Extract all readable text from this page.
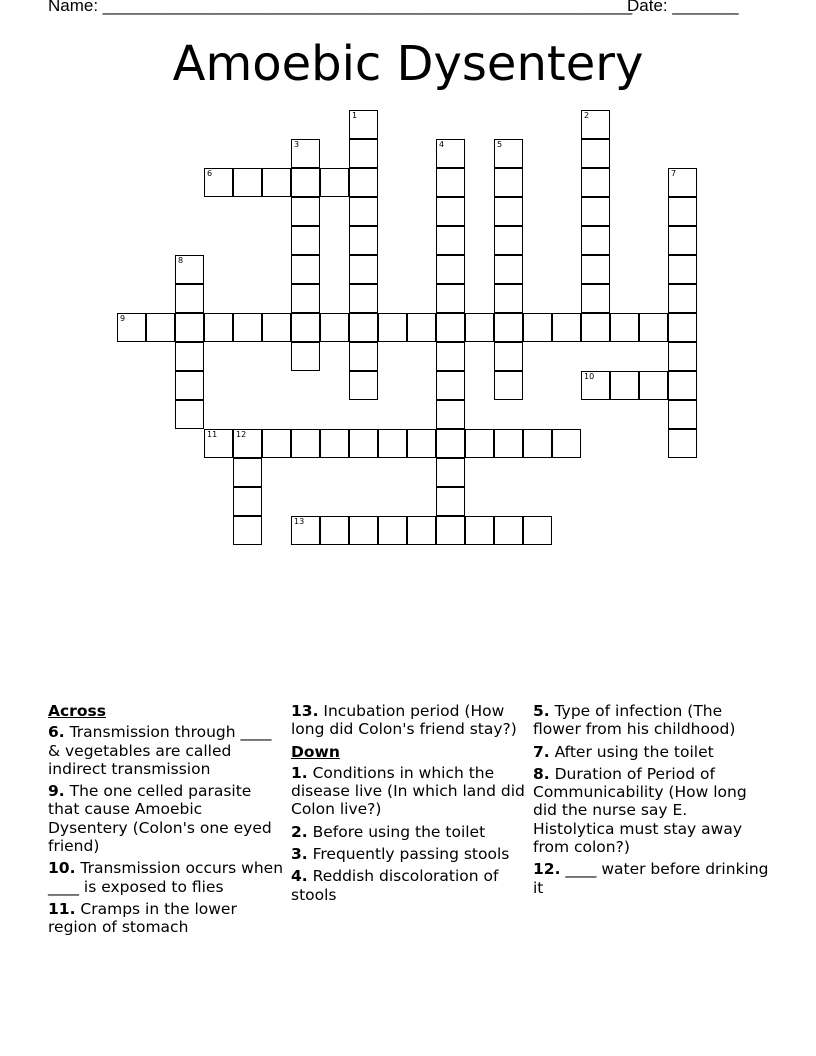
Name: ________________________________________________________
Date: _______
Amoebic Dysentery
1	2
3	4	5
6	7
8
9
10
11 12
13
Across
6. Transmission through ____ & vegetables are called indirect transmission
9. The one celled parasite that cause Amoebic Dysentery (Colon's one eyed friend)
10. Transmission occurs when ____ is exposed to flies
11. Cramps in the lower region of stomach
13. Incubation period (How long did Colon's friend stay?)
Down
1. Conditions in which the disease live (In which land did Colon live?)
2. Before using the toilet
3. Frequently passing stools
4. Reddish discoloration of stools
5. Type of infection (The flower from his childhood)
7. After using the toilet
8. Duration of Period of Communicability (How long did the nurse say E. Histolytica must stay away from colon?)
12. ____ water before drinking it
